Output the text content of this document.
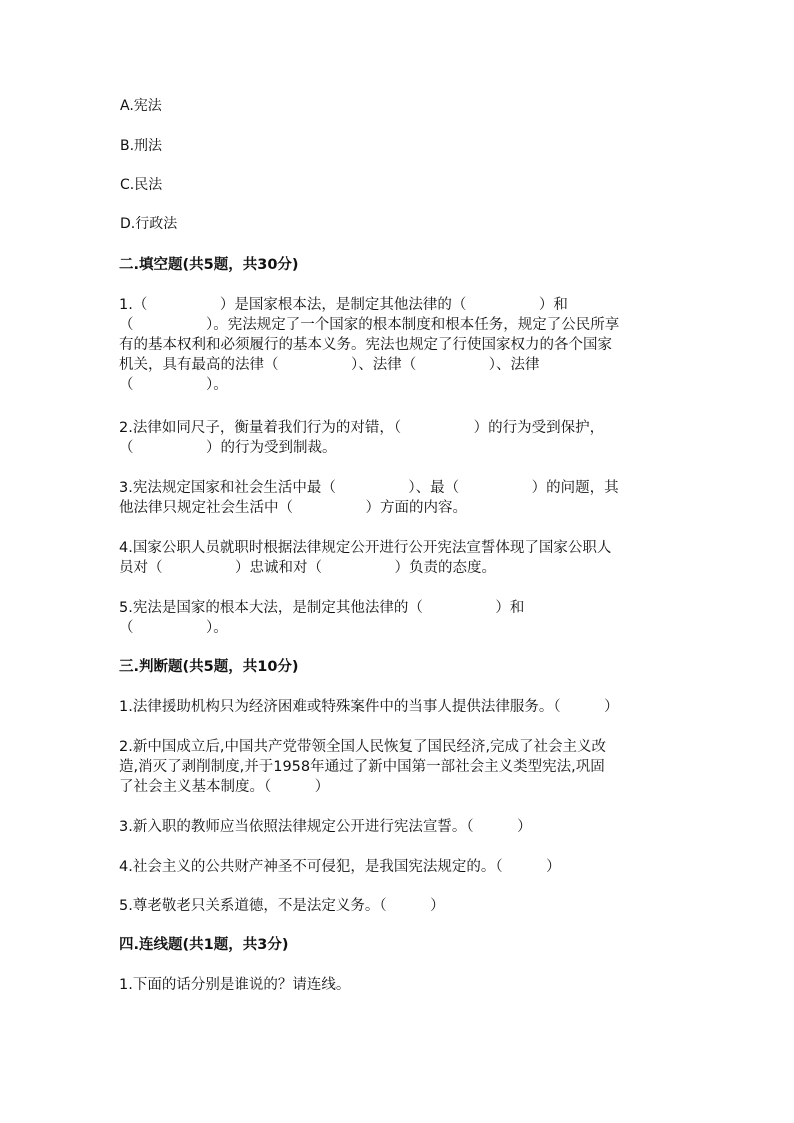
A.宪法
B.刑法
C.民法
D.行政法
二.填空题(共5题，共30分)
1.（　　　　　）是国家根本法，是制定其他法律的（　　　　　）和
（　　　　　）。宪法规定了一个国家的根本制度和根本任务，规定了公民所享
有的基本权利和必须履行的基本义务。宪法也规定了行使国家权力的各个国家
机关，具有最高的法律（　　　　　）、法律（　　　　　）、法律
（　　　　　）。
2.法律如同尺子，衡量着我们行为的对错，（　　　　　）的行为受到保护，
（　　　　　）的行为受到制裁。
3.宪法规定国家和社会生活中最（　　　　　）、最（　　　　　）的问题，其
他法律只规定社会生活中（　　　　　）方面的内容。
4.国家公职人员就职时根据法律规定公开进行公开宪法宣誓体现了国家公职人
员对（　　　　　）忠诚和对（　　　　　）负责的态度。
5.宪法是国家的根本大法，是制定其他法律的（　　　　　）和
（　　　　　）。
三.判断题(共5题，共10分)
1.法律援助机构只为经济困难或特殊案件中的当事人提供法律服务。（　　　）
2.新中国成立后,中国共产党带领全国人民恢复了国民经济,完成了社会主义改
造,消灭了剥削制度,并于1958年通过了新中国第一部社会主义类型宪法,巩固
了社会主义基本制度。（　　　）
3.新入职的教师应当依照法律规定公开进行宪法宣誓。（　　　）
4.社会主义的公共财产神圣不可侵犯，是我国宪法规定的。（　　　）
5.尊老敬老只关系道德，不是法定义务。（　　　）
四.连线题(共1题，共3分)
1.下面的话分别是谁说的？请连线。
